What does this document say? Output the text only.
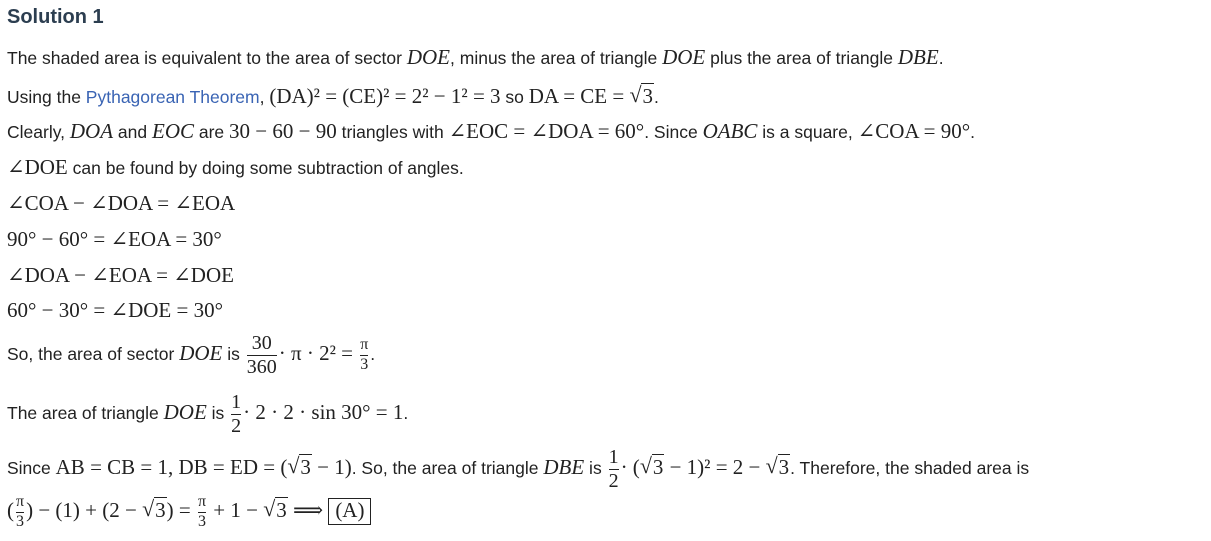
Solution 1
The shaded area is equivalent to the area of sector DOE, minus the area of triangle DOE plus the area of triangle DBE.
Using the Pythagorean Theorem, (DA)² = (CE)² = 2² − 1² = 3 so DA = CE = √ 3.
Clearly, DOA and EOC are 30 − 60 − 90 triangles with ∠EOC = ∠DOA = 60°. Since OABC is a square, ∠COA = 90°.
∠DOE can be found by doing some subtraction of angles.
∠COA − ∠DOA = ∠EOA
90° − 60° = ∠EOA = 30°
∠DOA − ∠EOA = ∠DOE
60° − 30° = ∠DOE = 30°
So, the area of sector DOE is $\frac{30}{360} \cdot \pi \cdot 2^2 = \frac{\pi}{3}$ .
The area of triangle DOE is $\frac{1}{2} \cdot 2 \cdot 2 \cdot \sin 30^\circ = 1$.
Since AB = CB = 1, DB = ED = ( √ 3 − 1). So, the area of triangle DBE is $\frac{1}{2}$ · ( √ 3 − 1)² = 2 − √ 3. Therefore, the shaded area is
( $\frac{\pi}{3}$ ) − (1) + (2 − √ $3) = \frac{\pi}{3} + 1$ − √ 3 ⟹ (A)
